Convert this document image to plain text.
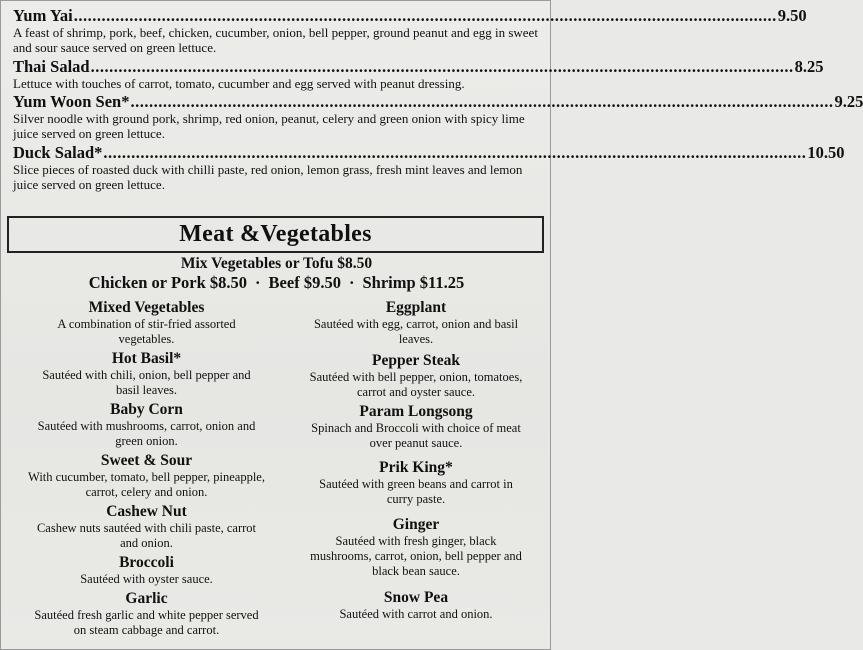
Yum Yai ........................................................................................................................................................ 9.50
A feast of shrimp, pork, beef, chicken, cucumber, onion, bell pepper, ground peanut and egg in sweet and sour sauce served on green lettuce.
Thai Salad ........................................................................................................................................................ 8.25
Lettuce with touches of carrot, tomato, cucumber and egg served with peanut dressing.
Yum Woon Sen* ........................................................................................................................................................ 9.25
Silver noodle with ground pork, shrimp, red onion, peanut, celery and green onion with spicy lime juice served on green lettuce.
Duck Salad* ........................................................................................................................................................ 10.50
Slice pieces of roasted duck with chilli paste, red onion, lemon grass, fresh mint leaves and lemon juice served on green lettuce.
Meat &Vegetables
Mix Vegetables or Tofu $8.50
Chicken or Pork $8.50 · Beef $9.50 · Shrimp $11.25
Mixed Vegetables
A combination of stir-fried assorted vegetables.
Hot Basil*
Sautéed with chili, onion, bell pepper and basil leaves.
Baby Corn
Sautéed with mushrooms, carrot, onion and green onion.
Sweet & Sour
With cucumber, tomato, bell pepper, pineapple, carrot, celery and onion.
Cashew Nut
Cashew nuts sautéed with chili paste, carrot and onion.
Broccoli
Sautéed with oyster sauce.
Garlic
Sautéed fresh garlic and white pepper served on steam cabbage and carrot.
Eggplant
Sautéed with egg, carrot, onion and basil leaves.
Pepper Steak
Sautéed with bell pepper, onion, tomatoes, carrot and oyster sauce.
Param Longsong
Spinach and Broccoli with choice of meat over peanut sauce.
Prik King*
Sautéed with green beans and carrot in curry paste.
Ginger
Sautéed with fresh ginger, black mushrooms, carrot, onion, bell pepper and black bean sauce.
Snow Pea
Sautéed with carrot and onion.
